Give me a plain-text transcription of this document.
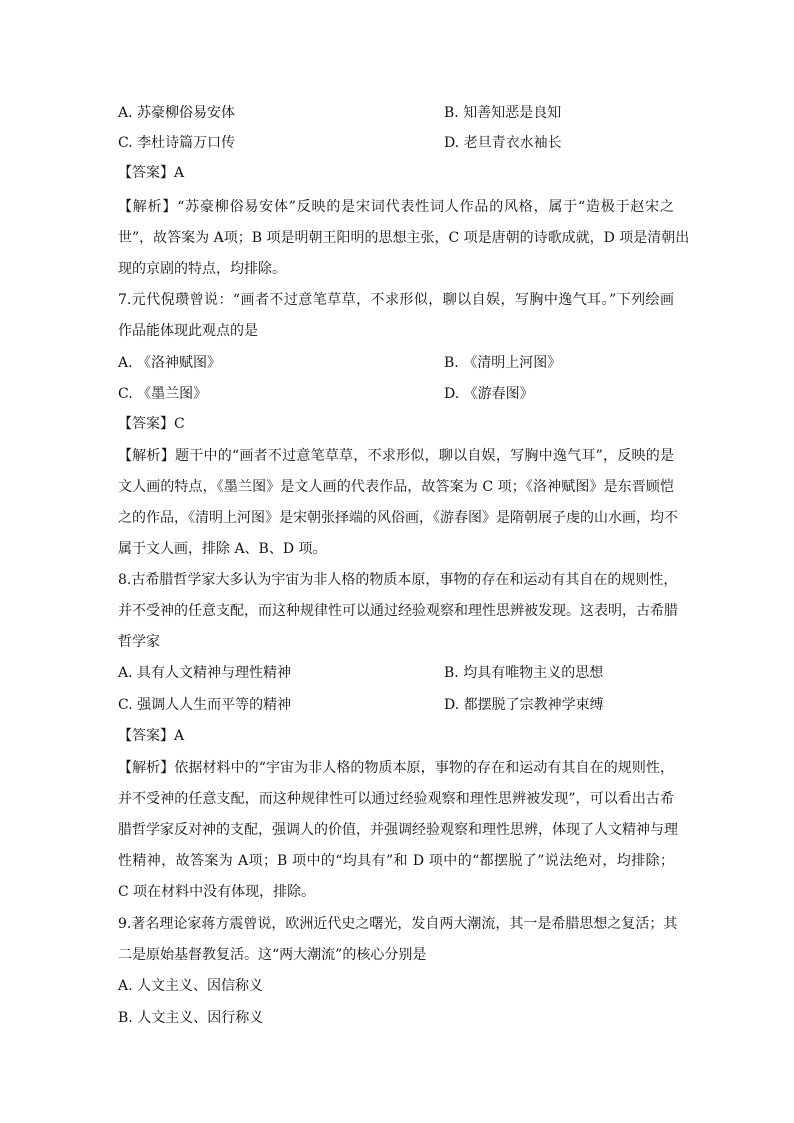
A. 苏豪柳俗易安体	B. 知善知恶是良知
C. 李杜诗篇万口传	D. 老旦青衣水袖长
【答案】A
【解析】“苏豪柳俗易安体”反映的是宋词代表性词人作品的风格，属于“造极于赵宋之
世”，故答案为 A项；B 项是明朝王阳明的思想主张，C 项是唐朝的诗歌成就，D 项是清朝出
现的京剧的特点，均排除。
7.元代倪瓒曾说：“画者不过意笔草草，不求形似，聊以自娱，写胸中逸气耳。”下列绘画
作品能体现此观点的是
A. 《洛神赋图》	B. 《清明上河图》
C. 《墨兰图》	D. 《游春图》
【答案】C
【解析】题干中的“画者不过意笔草草，不求形似，聊以自娱，写胸中逸气耳”，反映的是
文人画的特点，《墨兰图》是文人画的代表作品，故答案为 C 项；《洛神赋图》是东晋顾恺
之的作品，《清明上河图》是宋朝张择端的风俗画，《游春图》是隋朝展子虔的山水画，均不
属于文人画，排除 A、B、D 项。
8.古希腊哲学家大多认为宇宙为非人格的物质本原，事物的存在和运动有其自在的规则性，
并不受神的任意支配，而这种规律性可以通过经验观察和理性思辨被发现。这表明，古希腊
哲学家
A. 具有人文精神与理性精神	B. 均具有唯物主义的思想
C. 强调人人生而平等的精神	D. 都摆脱了宗教神学束缚
【答案】A
【解析】依据材料中的“宇宙为非人格的物质本原，事物的存在和运动有其自在的规则性，
并不受神的任意支配，而这种规律性可以通过经验观察和理性思辨被发现”，可以看出古希
腊哲学家反对神的支配，强调人的价值，并强调经验观察和理性思辨，体现了人文精神与理
性精神，故答案为 A项；B 项中的“均具有”和 D 项中的“都摆脱了”说法绝对，均排除；
C 项在材料中没有体现，排除。
9.著名理论家蒋方震曾说，欧洲近代史之曙光，发自两大潮流，其一是希腊思想之复活；其
二是原始基督教复活。这“两大潮流”的核心分别是
A. 人文主义、因信称义
B. 人文主义、因行称义
